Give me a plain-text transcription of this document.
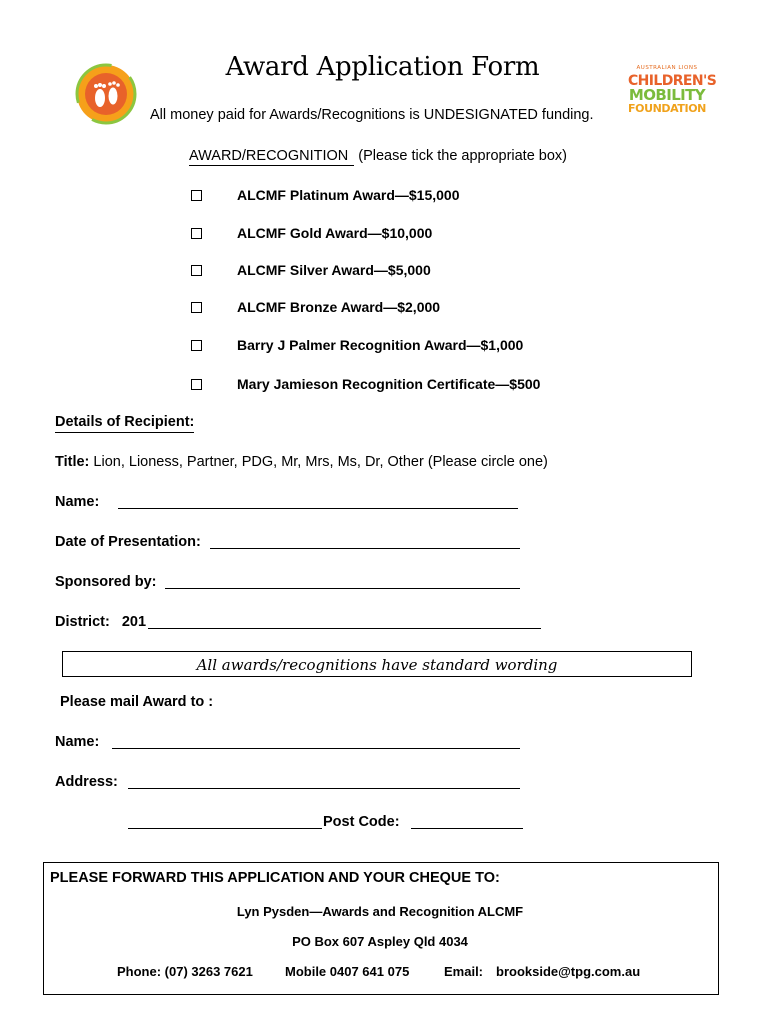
Award Application Form
All money paid for Awards/Recognitions is UNDESIGNATED funding.
AUSTRALIAN LIONS
CHILDREN'S
MOBILITY
FOUNDATION
AWARD/RECOGNITION (Please tick the appropriate box)
ALCMF Platinum Award—$15,000
ALCMF Gold Award—$10,000
ALCMF Silver Award—$5,000
ALCMF Bronze Award—$2,000
Barry J Palmer Recognition Award—$1,000
Mary Jamieson Recognition Certificate—$500
Details of Recipient:
Title: Lion, Lioness, Partner, PDG, Mr, Mrs, Ms, Dr, Other (Please circle one)
Name:
Date of Presentation:
Sponsored by:
District: 201
All awards/recognitions have standard wording
Please mail Award to :
Name:
Address:
Post Code:
PLEASE FORWARD THIS APPLICATION AND YOUR CHEQUE TO:
Lyn Pysden—Awards and Recognition ALCMF
PO Box 607 Aspley Qld 4034
Phone: (07) 3263 7621 Mobile 0407 641 075	Email: brookside@tpg.com.au
